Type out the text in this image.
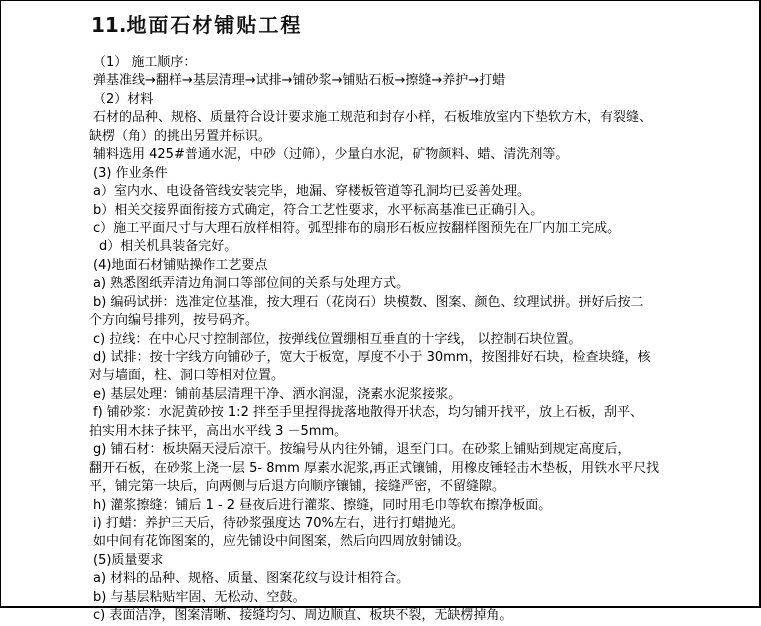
11.地面石材铺贴工程
（1） 施工顺序：
弹基准线→翻样→基层清理→试排→铺砂浆→铺贴石板→擦缝→养护→打蜡
（2）材料
石材的品种、规格、质量符合设计要求施工规范和封存小样，石板堆放室内下垫软方木，有裂缝、
缺楞（角）的挑出另置并标识。
辅料选用 425#普通水泥，中砂（过筛），少量白水泥，矿物颜料、蜡、清洗剂等。
(3) 作业条件
a）室内水、电设备管线安装完毕，地漏、穿楼板管道等孔洞均已妥善处理。
b）相关交接界面衔接方式确定，符合工艺性要求，水平标高基准已正确引入。
c）施工平面尺寸与大理石放样相符。弧型排布的扇形石板应按翻样图预先在厂内加工完成。
d）相关机具装备完好。
(4)地面石材铺贴操作工艺要点
a) 熟悉图纸弄清边角洞口等部位间的关系与处理方式。
b) 编码试拼：选准定位基准，按大理石（花岗石）块模数、图案、颜色、纹理试拼。拼好后按二
个方向编号排列，按号码齐。
c) 拉线：在中心尺寸控制部位，按弹线位置绷相互垂直的十字线， 以控制石块位置。
d) 试排：按十字线方向铺砂子，宽大于板宽，厚度不小于 30mm，按图排好石块，检查块缝，核
对与墙面，柱、洞口等相对位置。
e) 基层处理：铺前基层清理干净、洒水润湿，浇素水泥浆接浆。
f) 铺砂浆：水泥黄砂按 1:2 拌至手里捏得拢落地散得开状态，均匀铺开找平，放上石板，刮平、
拍实用木抹子抹平，高出水平线 3 －5mm。
g) 铺石材：板块隔天浸后凉干。按编号从内往外铺，退至门口。在砂浆上铺贴到规定高度后，
翻开石板，在砂浆上浇一层 5- 8mm 厚素水泥浆,再正式镶铺，用橡皮锤轻击木垫板，用铁水平尺找
平，铺完第一块后，向两侧与后退方向顺序镶铺，接缝严密，不留缝隙。
h) 灌浆擦缝：铺后 1 - 2 昼夜后进行灌浆、擦缝，同时用毛巾等软布擦净板面。
i) 打蜡：养护三天后，待砂浆强度达 70%左右，进行打蜡抛光。
如中间有花饰图案的，应先铺设中间图案，然后向四周放射铺设。
(5)质量要求
a) 材料的品种、规格、质量、图案花纹与设计相符合。
b) 与基层粘贴牢固、无松动、空鼓。
c) 表面洁净，图案清晰、接缝均匀、周边顺直、板块不裂，无缺楞掉角。
